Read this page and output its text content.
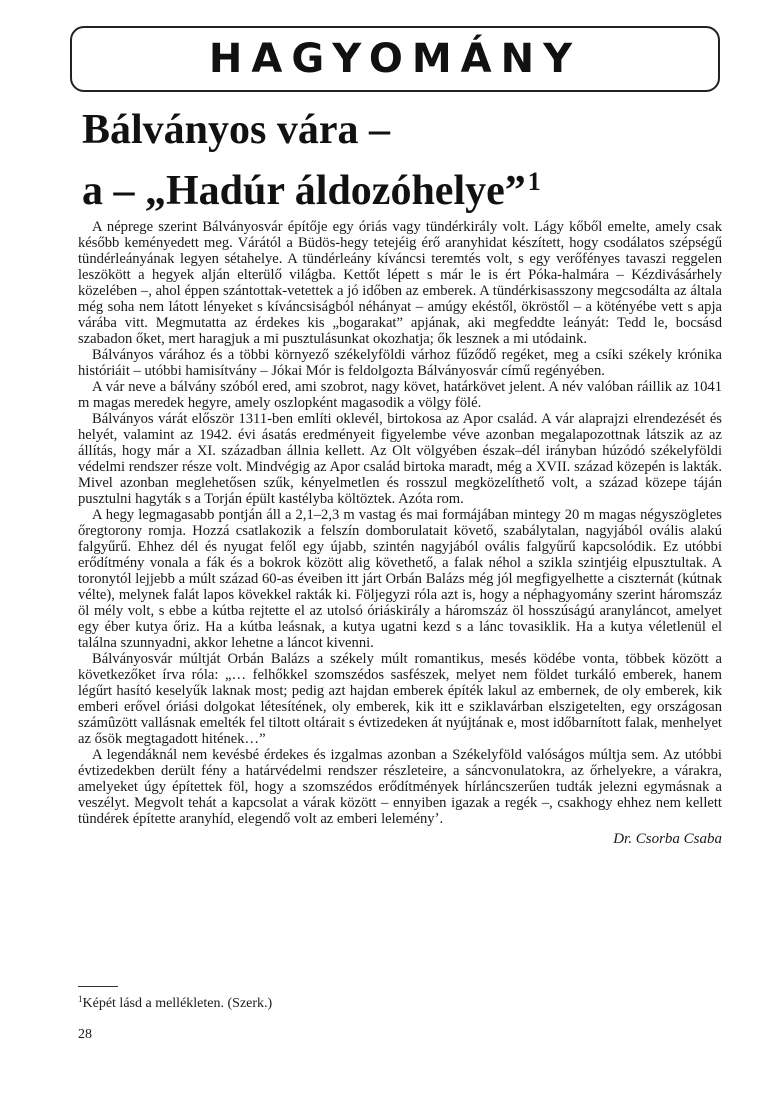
HAGYOMÁNY
Bálványos vára –
a – „Hadúr áldozóhelye”$^1$

A néprege szerint Bálványosvár építője egy óriás vagy tündérkirály volt. Lágy kőből emelte, amely csak később keményedett meg. Várától a Büdös-hegy tetejéig érő aranyhidat készített, hogy csodálatos szépségű tündérleányának legyen sétahelye. A tündérleány kíváncsi teremtés volt, s egy verőfényes tavaszi reggelen leszökött a hegyek alján elterülő világba. Kettőt lépett s már le is ért Póka-halmára – Kézdivásárhely közelében –, ahol éppen szántottak-vetettek a jó időben az emberek. A tündérkisasszony megcsodálta az általa még soha nem látott lényeket s kíváncsiságból néhányat – amúgy ekéstől, ökröstől – a kötényébe vett s apja várába vitt. Megmutatta az érdekes kis „bogarakat” apjának, aki megfeddte leányát: Tedd le, bocsásd szabadon őket, mert haragjuk a mi pusztulásunkat okozhatja; ők lesznek a mi utódaink.

Bálványos várához és a többi környező székelyföldi várhoz fűződő regéket, meg a csíki székely krónika históriáit – utóbbi hamisítvány – Jókai Mór is feldolgozta Bálványosvár című regényében.

A vár neve a bálvány szóból ered, ami szobrot, nagy követ, határkövet jelent. A név valóban ráillik az 1041 m magas meredek hegyre, amely oszlopként magasodik a völgy fölé.

Bálványos várát először 1311-ben említi oklevél, birtokosa az Apor család. A vár alaprajzi elrendezését és helyét, valamint az 1942. évi ásatás eredményeit figyelembe véve azonban megalapozottnak látszik az az állítás, hogy már a XI. században állnia kellett. Az Olt völgyében észak–dél irányban húzódó székelyföldi védelmi rendszer része volt. Mindvégig az Apor család birtoka maradt, még a XVII. század közepén is lakták. Mivel azonban meglehetősen szűk, kényelmetlen és rosszul megközelíthető volt, a század közepe táján pusztulni hagyták s a Torján épült kastélyba költöztek. Azóta rom.

A hegy legmagasabb pontján áll a 2,1–2,3 m vastag és mai formájában mintegy 20 m magas négyszögletes őregtorony romja. Hozzá csatlakozik a felszín domborulatait követő, szabálytalan, nagyjából ovális alakú falgyűrű. Ehhez dél és nyugat felől egy újabb, szintén nagyjából ovális falgyűrű kapcsolódik. Ez utóbbi erődítmény vonala a fák és a bokrok között alig követhető, a falak néhol a szikla szintjéig elpusztultak. A toronytól lejjebb a múlt század 60-as éveiben itt járt Orbán Balázs még jól megfigyelhette a ciszternát (kútnak vélte), melynek falát lapos kövekkel rakták ki. Följegyzi róla azt is, hogy a néphagyomány szerint háromszáz öl mély volt, s ebbe a kútba rejtette el az utolsó óriáskirály a háromszáz öl hosszúságú aranyláncot, amelyet egy éber kutya őriz. Ha a kútba leásnak, a kutya ugatni kezd s a lánc tovasiklik. Ha a kutya véletlenül el találna szunnyadni, akkor lehetne a láncot kivenni.

Bálványosvár múltját Orbán Balázs a székely múlt romantikus, mesés ködébe vonta, többek között a következőket írva róla: „… felhőkkel szomszédos sasfészek, melyet nem földet turkáló emberek, hanem légűrt hasító keselyűk laknak most; pedig azt hajdan emberek építék lakul az embernek, de oly emberek, kik emberi erővel óriási dolgokat létesítének, oly emberek, kik itt e sziklavárban elszigetelten, egy országosan számûzött vallásnak emelték fel tiltott oltárait s évtizedeken át nyújtának e, most időbarnított falak, menhelyet az ősök megtagadott hitének…”

A legendáknál nem kevésbé érdekes és izgalmas azonban a Székelyföld valóságos múltja sem. Az utóbbi évtizedekben derült fény a határvédelmi rendszer részleteire, a sáncvonulatokra, az őrhelyekre, a várakra, amelyeket úgy építettek föl, hogy a szomszédos erődítmények hírláncszerűen tudták jelezni egymásnak a veszélyt. Megvolt tehát a kapcsolat a várak között – ennyiben igazak a regék –, csakhogy ehhez nem kellett tündérek építette aranyhíd, elegendő volt az emberi leleményʼ.

Dr. Csorba Csaba
$^1$Képét lásd a mellékleten. (Szerk.)
28
